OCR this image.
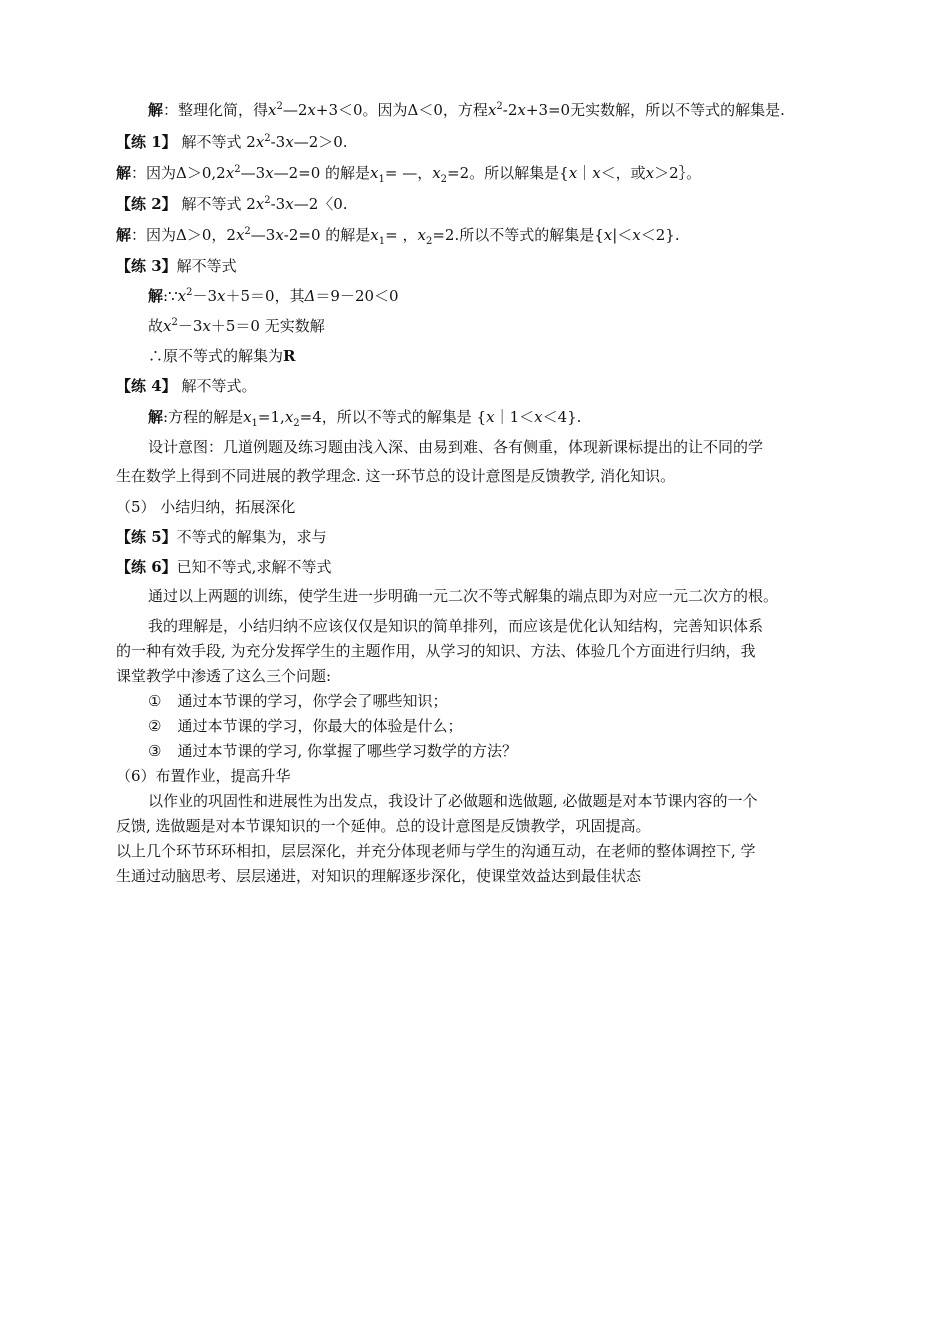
解：整理化简，得$x^2—2x+3<0$。因为Δ＜0，方程$x^2-2x+3=0$无实数解，所以不等式的解集是.
【练 1】 解不等式 $2x^2-3x—2>0$.
解：因为$\Delta>0,2x^2—3x—2=0$ 的解是$x_1=$ —，$x_2=2$。所以解集是{x｜x＜，或x＞2｝。
【练 2】 解不等式 $2x^2-3x—2$〈0.
解：因为Δ＞0，$2x^2—3x-2=0$ 的解是$x_1=$ ，$x_2=2$.所以不等式的解集是{x|＜x＜2}.
【练 3】解不等式
解$:\because x^2-3x+5=0$，其Δ＝9－20＜0
故$x^2-3x+5=0$ 无实数解
∴原不等式的解集为R
【练 4】 解不等式。
解:方程的解是$x_1=1,x_2=4$，所以不等式的解集是 {x｜1＜x＜4}.
设计意图：几道例题及练习题由浅入深、由易到难、各有侧重，体现新课标提出的让不同的学
生在数学上得到不同进展的教学理念. 这一环节总的设计意图是反馈教学, 消化知识。
（5） 小结归纳，拓展深化
【练 5】不等式的解集为，求与
【练 6】已知不等式,求解不等式
通过以上两题的训练，使学生进一步明确一元二次不等式解集的端点即为对应一元二次方的根。
我的理解是，小结归纳不应该仅仅是知识的简单排列，而应该是优化认知结构，完善知识体系
的一种有效手段, 为充分发挥学生的主题作用，从学习的知识、方法、体验几个方面进行归纳，我
课堂教学中渗透了这么三个问题:
① 通过本节课的学习，你学会了哪些知识；
② 通过本节课的学习，你最大的体验是什么；
③ 通过本节课的学习, 你掌握了哪些学习数学的方法？
（6）布置作业，提高升华
以作业的巩固性和进展性为出发点，我设计了必做题和选做题, 必做题是对本节课内容的一个
反馈, 选做题是对本节课知识的一个延伸。总的设计意图是反馈教学，巩固提高。
以上几个环节环环相扣，层层深化，并充分体现老师与学生的沟通互动，在老师的整体调控下, 学
生通过动脑思考、层层递进，对知识的理解逐步深化，使课堂效益达到最佳状态
